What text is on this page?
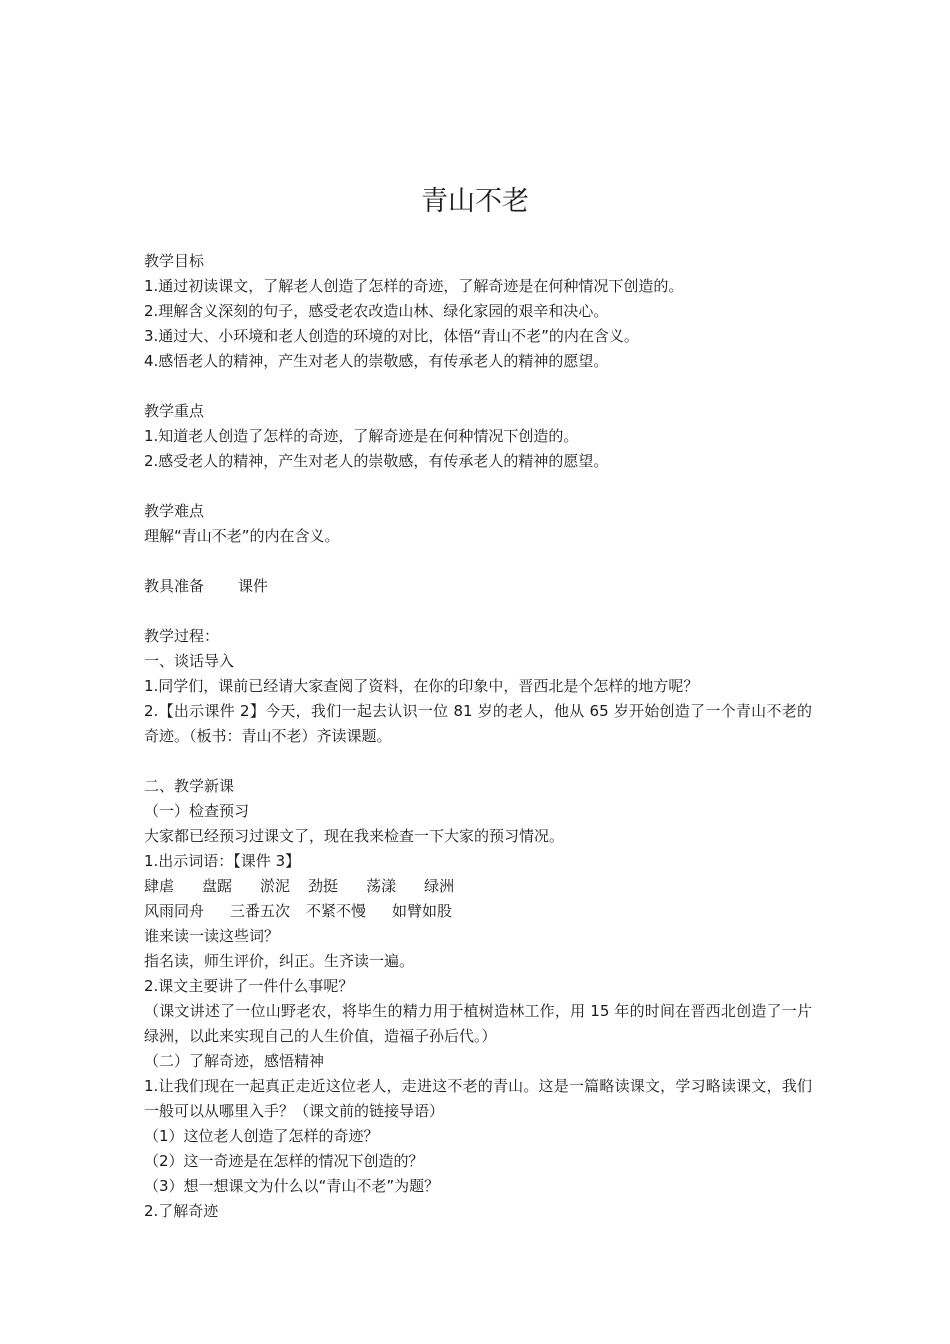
青山不老
教学目标
1.通过初读课文，了解老人创造了怎样的奇迹，了解奇迹是在何种情况下创造的。
2.理解含义深刻的句子，感受老农改造山林、绿化家园的艰辛和决心。
3.通过大、小环境和老人创造的环境的对比，体悟“青山不老”的内在含义。
4.感悟老人的精神，产生对老人的崇敬感，有传承老人的精神的愿望。
教学重点
1.知道老人创造了怎样的奇迹，了解奇迹是在何种情况下创造的。
2.感受老人的精神，产生对老人的崇敬感，有传承老人的精神的愿望。
教学难点
理解“青山不老”的内在含义。
教具准备 课件
教学过程：
一、谈话导入
1.同学们，课前已经请大家查阅了资料，在你的印象中，晋西北是个怎样的地方呢？
2.【出示课件 2】今天，我们一起去认识一位 81 岁的老人，他从 65 岁开始创造了一个青山不老的奇迹。（板书：青山不老）齐读课题。
二、教学新课
（一）检查预习
大家都已经预习过课文了，现在我来检查一下大家的预习情况。
1.出示词语：【课件 3】
肆虐 盘踞 淤泥 劲挺 荡漾 绿洲
风雨同舟 三番五次 不紧不慢 如臂如股
谁来读一读这些词？
指名读，师生评价，纠正。生齐读一遍。
2.课文主要讲了一件什么事呢？
（课文讲述了一位山野老农，将毕生的精力用于植树造林工作，用 15 年的时间在晋西北创造了一片绿洲，以此来实现自己的人生价值，造福子孙后代。）
（二）了解奇迹，感悟精神
1.让我们现在一起真正走近这位老人，走进这不老的青山。这是一篇略读课文，学习略读课文，我们一般可以从哪里入手？（课文前的链接导语）
（1）这位老人创造了怎样的奇迹？
（2）这一奇迹是在怎样的情况下创造的？
（3）想一想课文为什么以“青山不老”为题？
2.了解奇迹
